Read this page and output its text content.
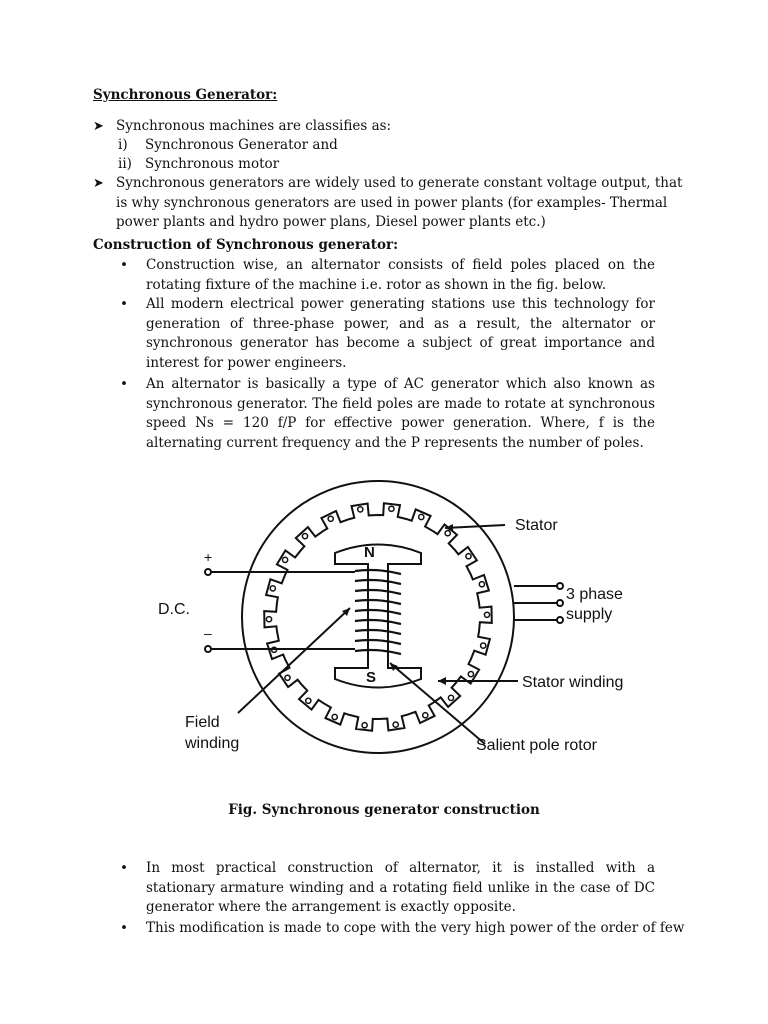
Synchronous Generator:
➤ Synchronous machines are classifies as:
i) Synchronous Generator and
ii) Synchronous motor
➤ Synchronous generators are widely used to generate constant voltage output, that is why synchronous generators are used in power plants (for examples- Thermal power plants and hydro power plans, Diesel power plants etc.)
Construction of Synchronous generator:
• Construction wise, an alternator consists of field poles placed on the rotating fixture of the machine i.e. rotor as shown in the fig. below.
• All modern electrical power generating stations use this technology for generation of three-phase power, and as a result, the alternator or synchronous generator has become a subject of great importance and interest for power engineers.
• An alternator is basically a type of AC generator which also known as synchronous generator. The field poles are made to rotate at synchronous speed Ns = 120 f/P for effective power generation. Where, f is the alternating current frequency and the P represents the number of poles.
Stator
3 phase
supply
Stator winding
Salient pole rotor
Field
winding
D.C.
+
–
N
S
Fig. Synchronous generator construction
• In most practical construction of alternator, it is installed with a stationary armature winding and a rotating field unlike in the case of DC generator where the arrangement is exactly opposite.
• This modification is made to cope with the very high power of the order of few
